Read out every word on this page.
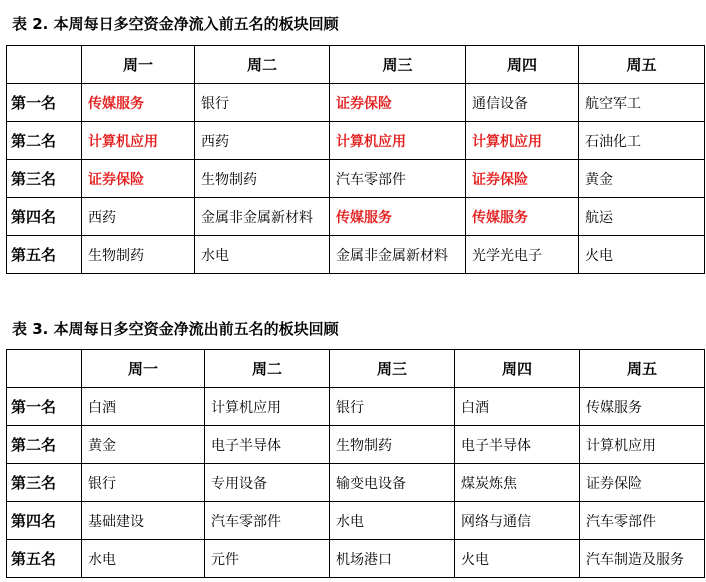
表 2. 本周每日多空资金净流入前五名的板块回顾
	周一	周二	周三	周四	周五
第一名	传媒服务	银行	证券保险	通信设备	航空军工
第二名	计算机应用	西药	计算机应用	计算机应用	石油化工
第三名	证券保险	生物制药	汽车零部件	证券保险	黄金
第四名	西药	金属非金属新材料	传媒服务	传媒服务	航运
第五名	生物制药	水电	金属非金属新材料	光学光电子	火电
表 3. 本周每日多空资金净流出前五名的板块回顾
	周一	周二	周三	周四	周五
第一名	白酒	计算机应用	银行	白酒	传媒服务
第二名	黄金	电子半导体	生物制药	电子半导体	计算机应用
第三名	银行	专用设备	输变电设备	煤炭炼焦	证券保险
第四名	基础建设	汽车零部件	水电	网络与通信	汽车零部件
第五名	水电	元件	机场港口	火电	汽车制造及服务
